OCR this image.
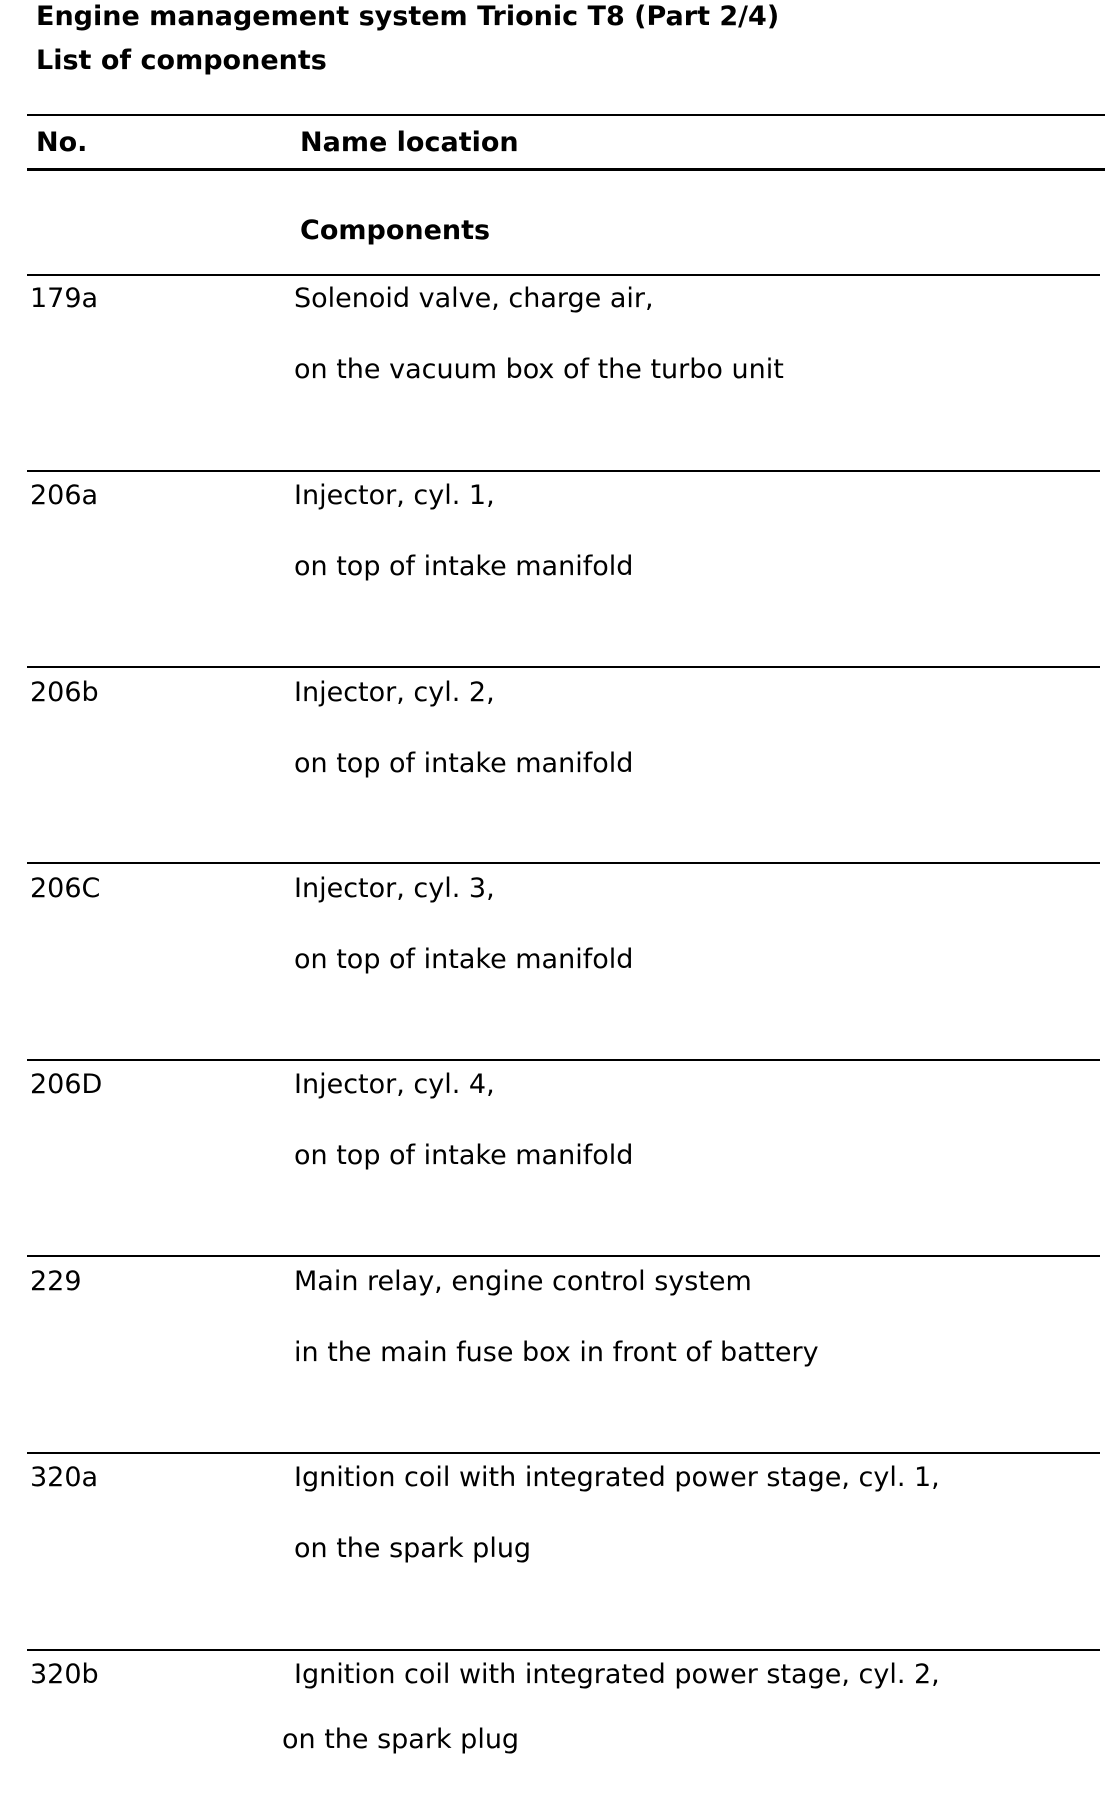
Engine management system Trionic T8 (Part 2/4)
List of components
No.	Name location
Components
179a	Solenoid valve, charge air,
on the vacuum box of the turbo unit
206a	Injector, cyl. 1,
on top of intake manifold
206b	Injector, cyl. 2,
on top of intake manifold
206C	Injector, cyl. 3,
on top of intake manifold
206D	Injector, cyl. 4,
on top of intake manifold
229	Main relay, engine control system
in the main fuse box in front of battery
320a	Ignition coil with integrated power stage, cyl. 1,
on the spark plug
320b	Ignition coil with integrated power stage, cyl. 2,
on the spark plug
